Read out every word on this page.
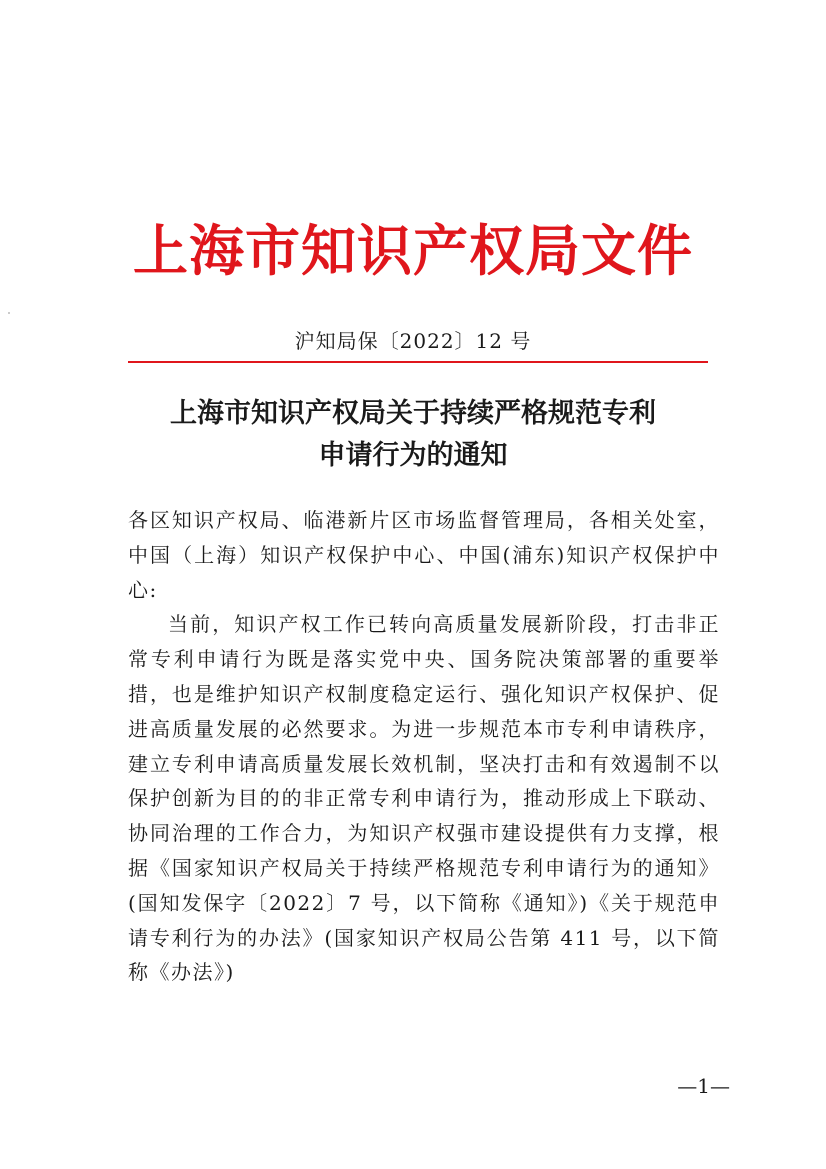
上海市知识产权局文件
沪知局保〔2022〕12 号
上海市知识产权局关于持续严格规范专利
申请行为的通知

各区知识产权局、临港新片区市场监督管理局，各相关处室，中国（上海）知识产权保护中心、中国(浦东)知识产权保护中心:

当前，知识产权工作已转向高质量发展新阶段，打击非正常专利申请行为既是落实党中央、国务院决策部署的重要举措，也是维护知识产权制度稳定运行、强化知识产权保护、促进高质量发展的必然要求。为进一步规范本市专利申请秩序，建立专利申请高质量发展长效机制，坚决打击和有效遏制不以保护创新为目的的非正常专利申请行为，推动形成上下联动、协同治理的工作合力，为知识产权强市建设提供有力支撑，根据《国家知识产权局关于持续严格规范专利申请行为的通知》(国知发保字〔2022〕7 号，以下简称《通知》)《关于规范申请专利行为的办法》(国家知识产权局公告第 411 号，以下简称《办法》)

—1—
